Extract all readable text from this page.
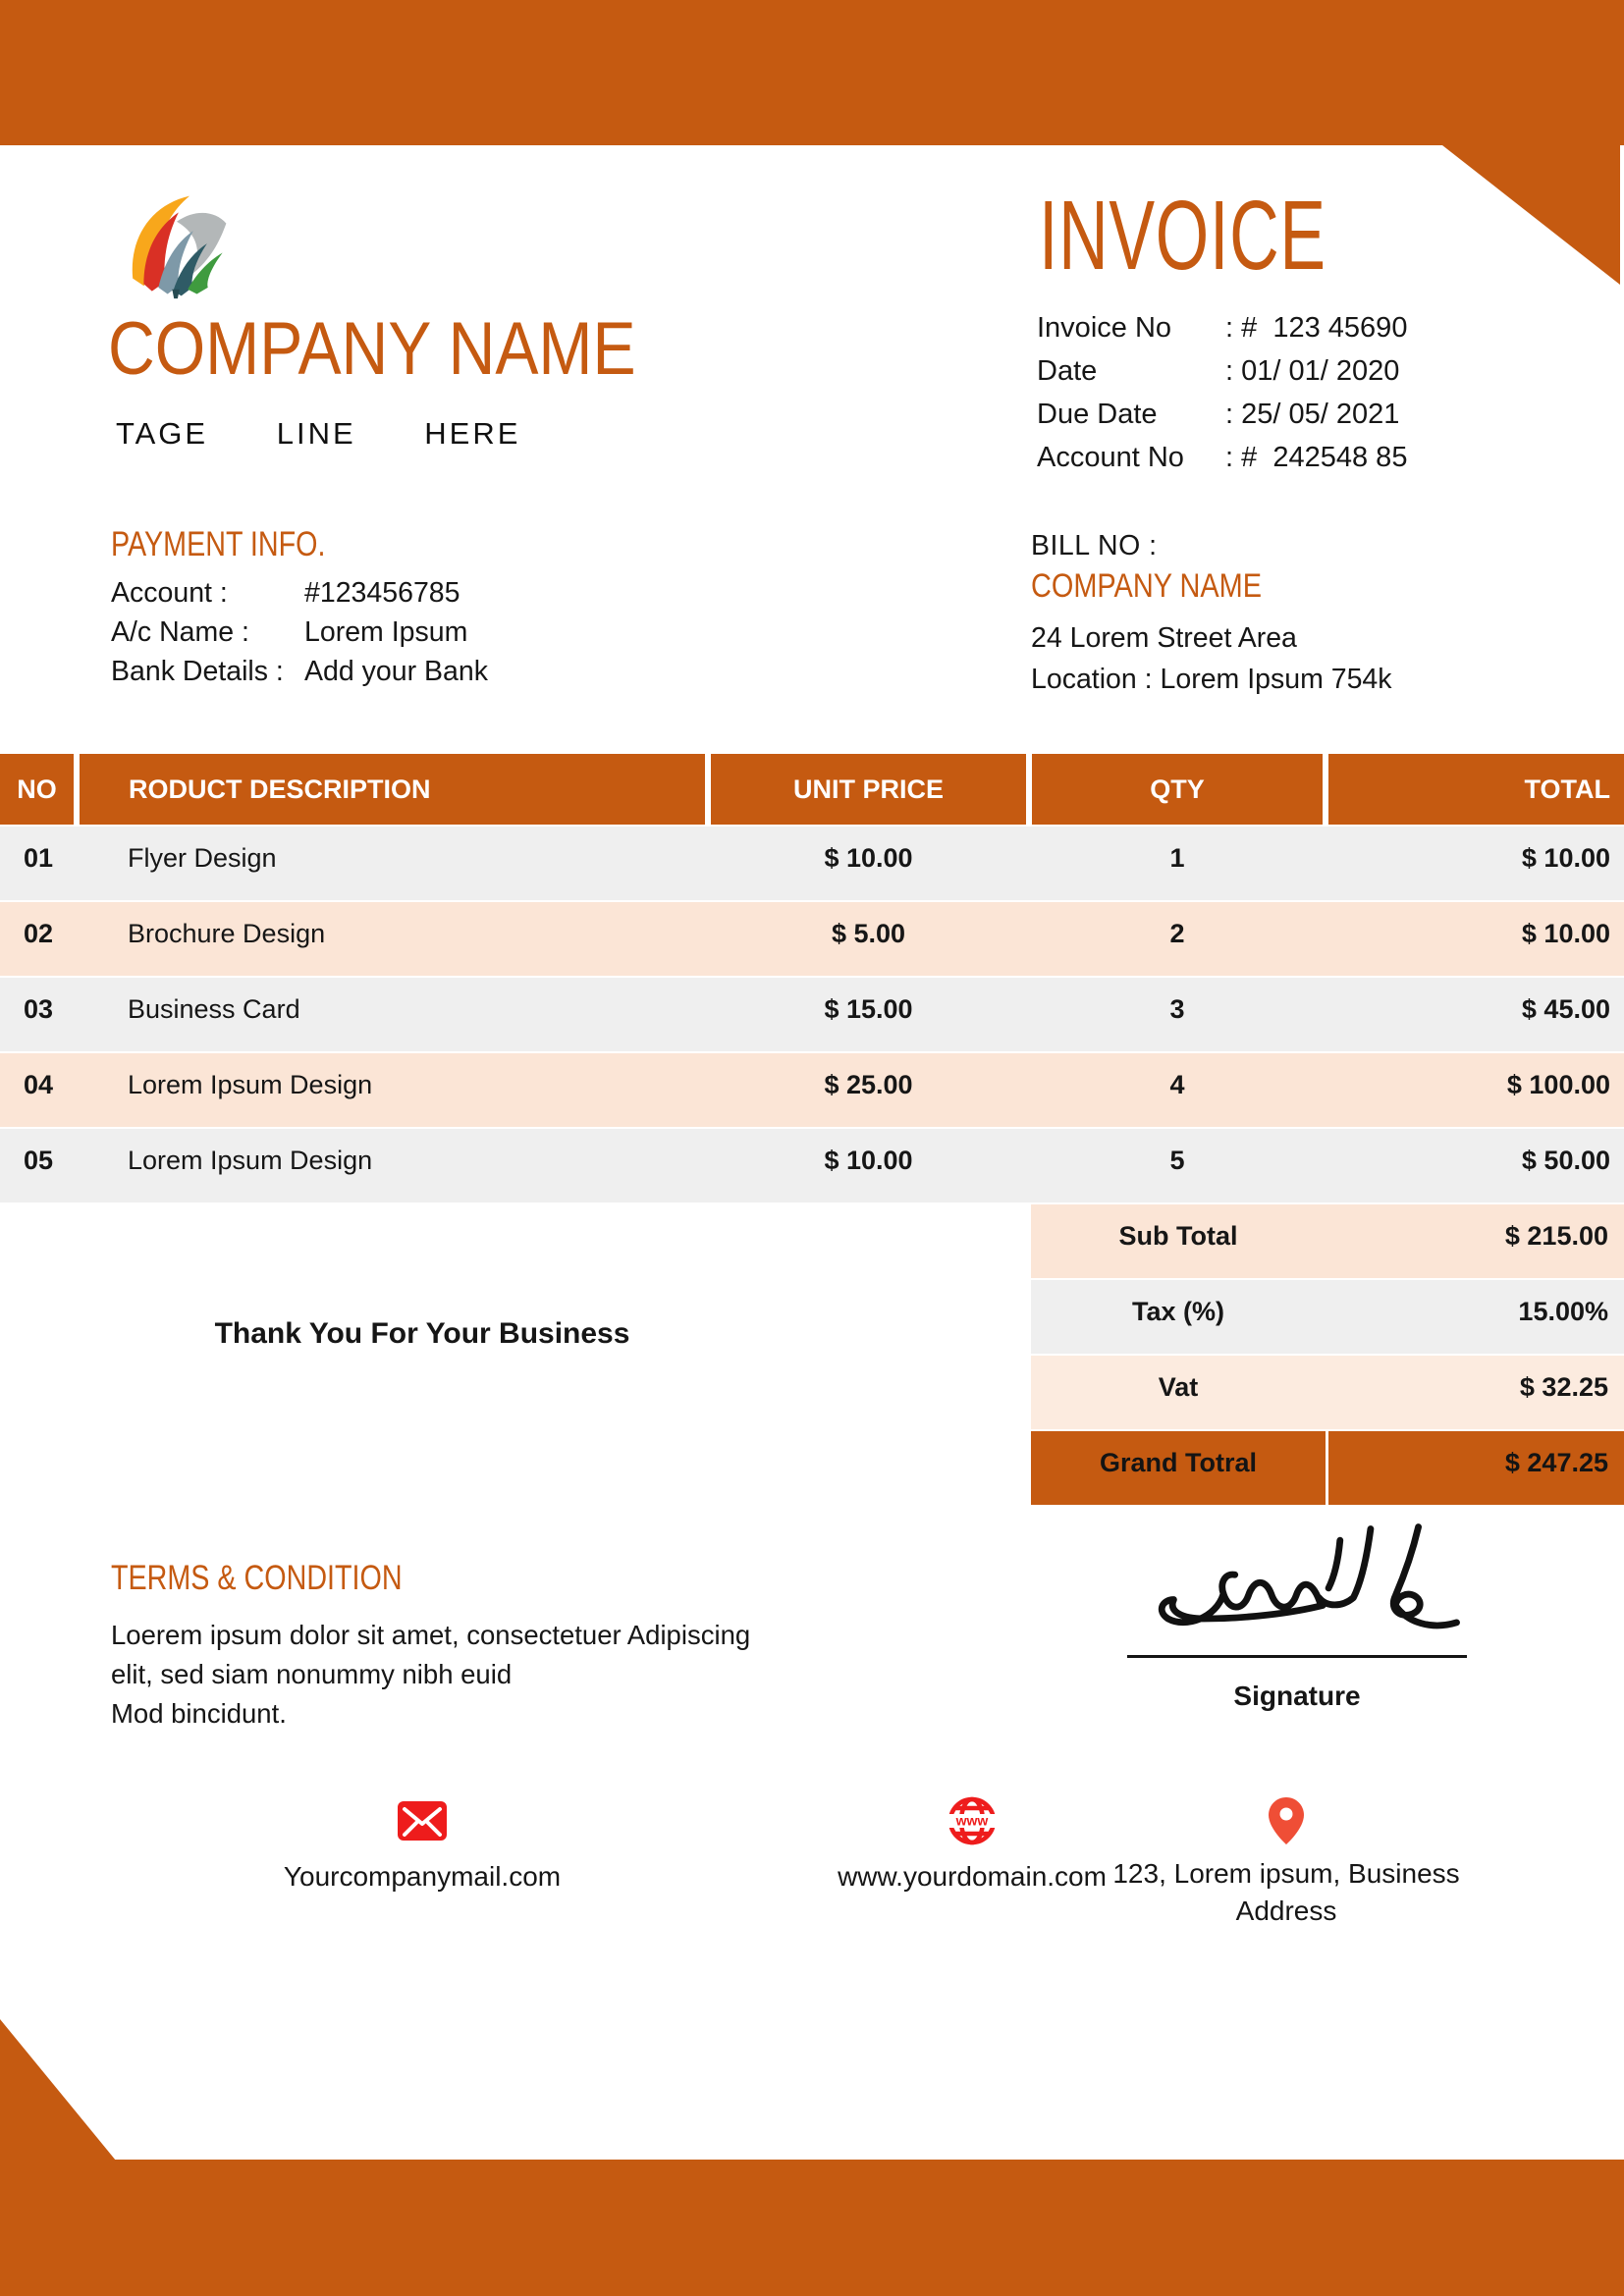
COMPANY NAME
TAGE LINE HERE
INVOICE
Invoice No	: #  123 45690
Date	: 01/ 01/ 2020
Due Date	: 25/ 05/ 2021
Account No	: #  242548 85
PAYMENT INFO.
Account :	#123456785
A/c Name :	Lorem Ipsum
Bank Details : Add your Bank
BILL NO :
COMPANY NAME
24 Lorem Street Area
Location : Lorem Ipsum 754k
NO	RODUCT DESCRIPTION	UNIT PRICE	QTY	TOTAL
01	Flyer Design	$ 10.00	1	$ 10.00
02	Brochure Design	$ 5.00	2	$ 10.00
03	Business Card	$ 15.00	3	$ 45.00
04	Lorem Ipsum Design	$ 25.00	4	$ 100.00
05	Lorem Ipsum Design	$ 10.00	5	$ 50.00
Sub Total	$ 215.00
Tax (%)	15.00%
Vat	$ 32.25
Grand Totral	$ 247.25
Thank You For Your Business
TERMS & CONDITION
Loerem ipsum dolor sit amet, consectetuer Adipiscing
elit, sed siam nonummy nibh euid
Mod bincidunt.
Signature
Yourcompanymail.com
www
www.yourdomain.com 123, Lorem ipsum, Business
Address
